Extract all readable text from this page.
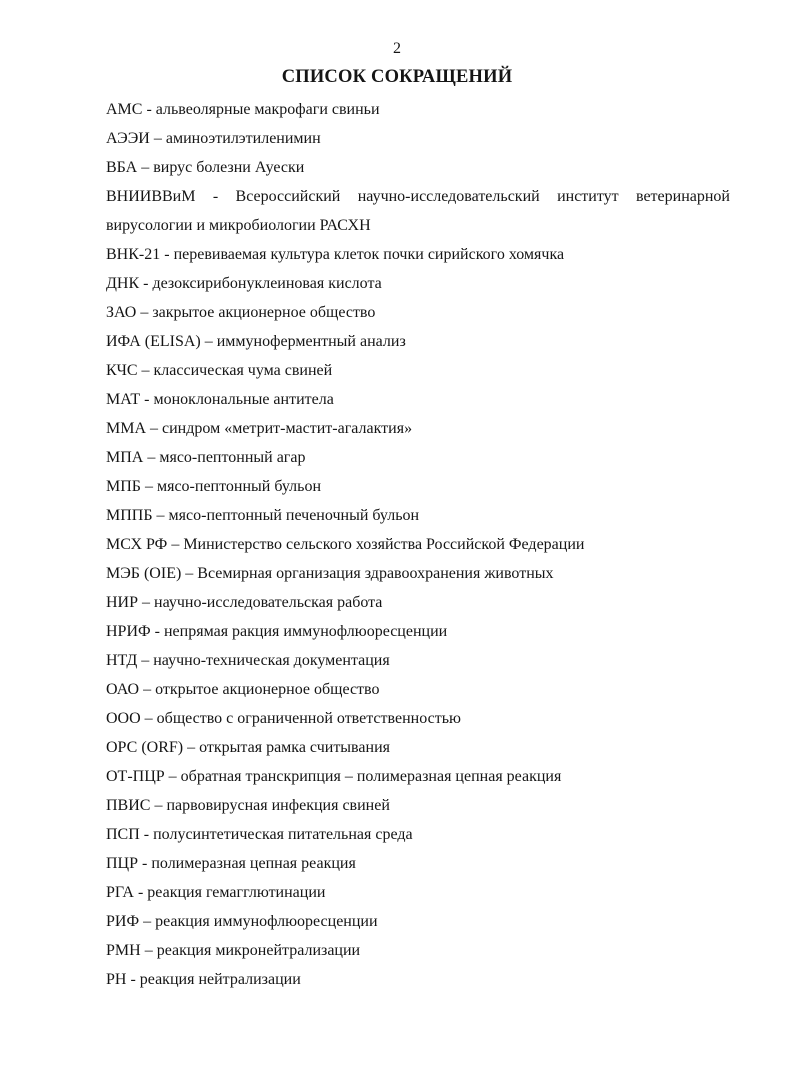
2
СПИСОК СОКРАЩЕНИЙ
АМС - альвеолярные макрофаги свиньи
АЭЭИ – аминоэтилэтиленимин
ВБА – вирус болезни Ауески
ВНИИВВиМ - Всероссийский научно-исследовательский институт ветеринарной вирусологии и микробиологии РАСХН
ВНК-21 - перевиваемая культура клеток почки сирийского хомячка
ДНК - дезоксирибонуклеиновая кислота
ЗАО – закрытое акционерное общество
ИФА (ELISA) – иммуноферментный анализ
КЧС – классическая чума свиней
МАТ - моноклональные антитела
ММА – синдром «метрит-мастит-агалактия»
МПА – мясо-пептонный агар
МПБ – мясо-пептонный бульон
МППБ – мясо-пептонный печеночный бульон
МСХ РФ – Министерство сельского хозяйства Российской Федерации
МЭБ (OIE) – Всемирная организация здравоохранения животных
НИР – научно-исследовательская работа
НРИФ - непрямая ракция иммунофлюоресценции
НТД – научно-техническая документация
ОАО – открытое акционерное общество
ООО – общество с ограниченной ответственностью
ОРС (ORF) – открытая рамка считывания
ОТ-ПЦР – обратная транскрипция – полимеразная цепная реакция
ПВИС – парвовирусная инфекция свиней
ПСП - полусинтетическая питательная среда
ПЦР - полимеразная цепная реакция
РГА - реакция гемагглютинации
РИФ – реакция иммунофлюоресценции
РМН – реакция микронейтрализации
РН - реакция нейтрализации
